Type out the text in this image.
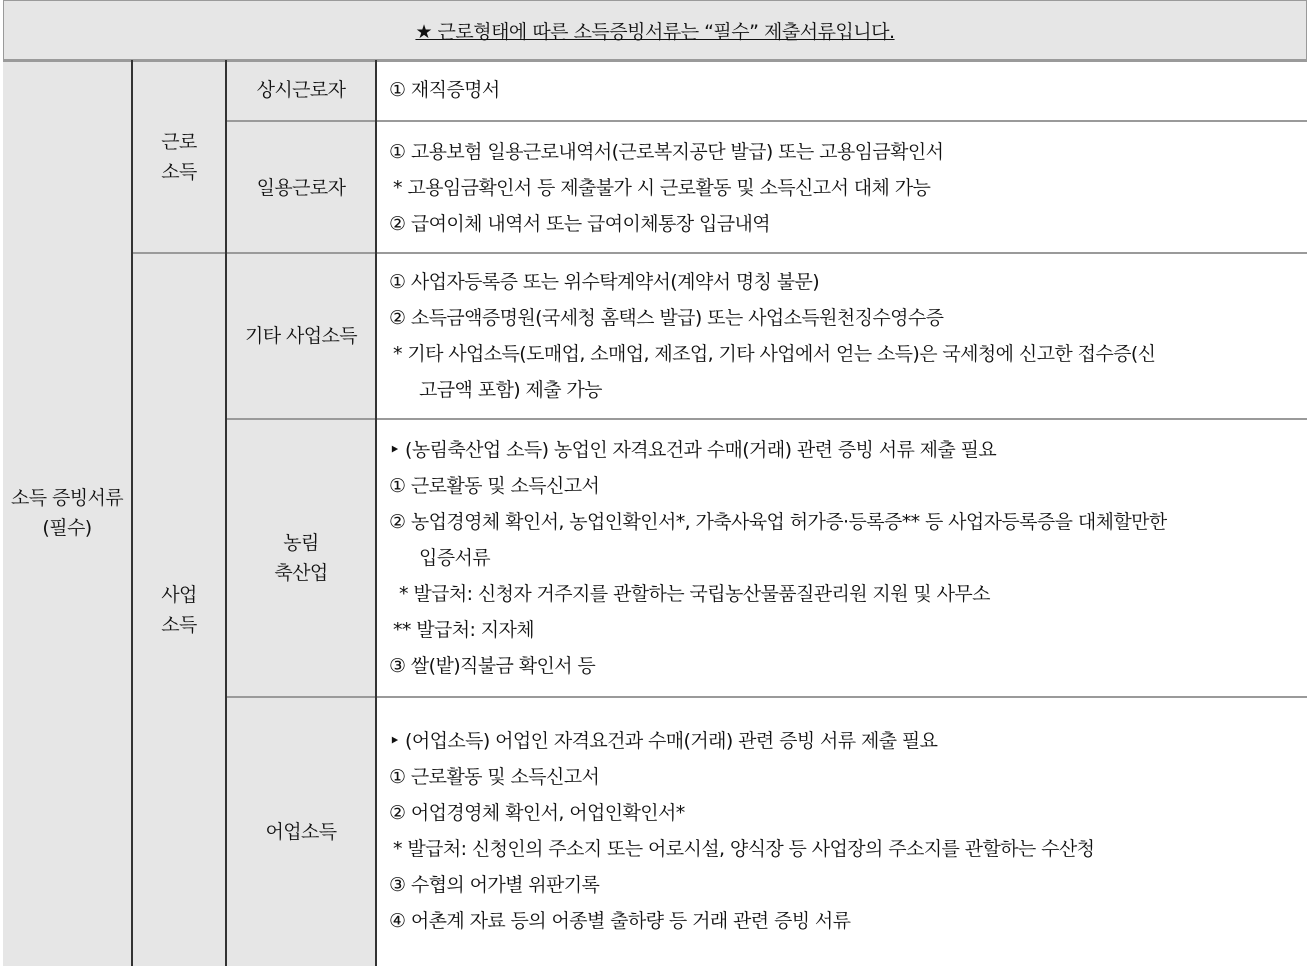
★ 근로형태에 따른 소득증빙서류는 “필수” 제출서류입니다.
소득 증빙서류
(필수)
근로
소득
사업
소득
상시근로자
일용근로자
기타 사업소득
농림
축산업
어업소득
① 재직증명서
① 고용보험 일용근로내역서(근로복지공단 발급) 또는 고용임금확인서
* 고용임금확인서 등 제출불가 시 근로활동 및 소득신고서 대체 가능
② 급여이체 내역서 또는 급여이체통장 입금내역
① 사업자등록증 또는 위수탁계약서(계약서 명칭 불문)
② 소득금액증명원(국세청 홈택스 발급) 또는 사업소득원천징수영수증
* 기타 사업소득(도매업, 소매업, 제조업, 기타 사업에서 얻는 소득)은 국세청에 신고한 접수증(신
고금액 포함) 제출 가능
‣ (농림축산업 소득) 농업인 자격요건과 수매(거래) 관련 증빙 서류 제출 필요
① 근로활동 및 소득신고서
② 농업경영체 확인서, 농업인확인서*, 가축사육업 허가증·등록증** 등 사업자등록증을 대체할만한
입증서류
* 발급처: 신청자 거주지를 관할하는 국립농산물품질관리원 지원 및 사무소
** 발급처: 지자체
③ 쌀(밭)직불금 확인서 등
‣ (어업소득) 어업인 자격요건과 수매(거래) 관련 증빙 서류 제출 필요
① 근로활동 및 소득신고서
② 어업경영체 확인서, 어업인확인서*
* 발급처: 신청인의 주소지 또는 어로시설, 양식장 등 사업장의 주소지를 관할하는 수산청
③ 수협의 어가별 위판기록
④ 어촌계 자료 등의 어종별 출하량 등 거래 관련 증빙 서류
